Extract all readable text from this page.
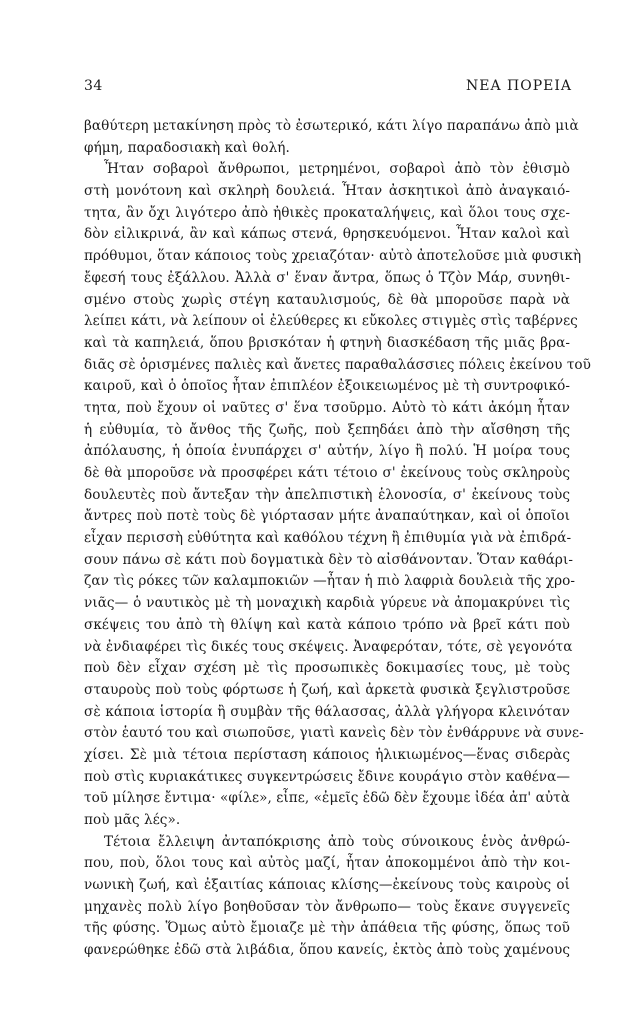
34	ΝΕΑ ΠΟΡΕΙΑ
βαθύτερη μετακίνηση πρὸς τὸ ἐσωτερικό, κάτι λίγο παραπάνω ἀπὸ μιὰ
φήμη, παραδοσιακὴ καὶ θολή.
Ἦταν σοβαροὶ ἄνθρωποι, μετρημένοι, σοβαροὶ ἀπὸ τὸν ἐθισμὸ
στὴ μονότονη καὶ σκληρὴ δουλειά. Ἦταν ἀσκητικοὶ ἀπὸ ἀναγκαιό-
τητα, ἂν ὄχι λιγότερο ἀπὸ ἠθικὲς προκαταλήψεις, καὶ ὅλοι τους σχε-
δὸν εἰλικρινά, ἂν καὶ κάπως στενά, θρησκευόμενοι. Ἦταν καλοὶ καὶ
πρόθυμοι, ὅταν κάποιος τοὺς χρειαζόταν· αὐτὸ ἀποτελοῦσε μιὰ φυσικὴ
ἔφεσή τους ἐξάλλου. Ἀλλὰ σ' ἕναν ἄντρα, ὅπως ὁ Τζὸν Μάρ, συνηθι-
σμένο στοὺς χωρὶς στέγη καταυλισμούς, δὲ θὰ μποροῦσε παρὰ νὰ
λείπει κάτι, νὰ λείπουν οἱ ἐλεύθερες κι εὔκολες στιγμὲς στὶς ταβέρνες
καὶ τὰ καπηλειά, ὅπου βρισκόταν ἡ φτηνὴ διασκέδαση τῆς μιᾶς βρα-
διᾶς σὲ ὁρισμένες παλιὲς καὶ ἄνετες παραθαλάσσιες πόλεις ἐκείνου τοῦ
καιροῦ, καὶ ὁ ὁποῖος ἦταν ἐπιπλέον ἐξοικειωμένος μὲ τὴ συντροφικό-
τητα, ποὺ ἔχουν οἱ ναῦτες σ' ἕνα τσοῦρμο. Αὐτὸ τὸ κάτι ἀκόμη ἦταν
ἡ εὐθυμία, τὸ ἄνθος τῆς ζωῆς, ποὺ ξεπηδάει ἀπὸ τὴν αἴσθηση τῆς
ἀπόλαυσης, ἡ ὁποία ἐνυπάρχει σ' αὐτήν, λίγο ἢ πολύ. Ἡ μοίρα τους
δὲ θὰ μποροῦσε νὰ προσφέρει κάτι τέτοιο σ' ἐκείνους τοὺς σκληροὺς
δουλευτὲς ποὺ ἄντεξαν τὴν ἀπελπιστικὴ ἑλονοσία, σ' ἐκείνους τοὺς
ἄντρες ποὺ ποτὲ τοὺς δὲ γιόρτασαν μήτε ἀναπαύτηκαν, καὶ οἱ ὁποῖοι
εἶχαν περισσὴ εὐθύτητα καὶ καθόλου τέχνη ἢ ἐπιθυμία γιὰ νὰ ἐπιδρά-
σουν πάνω σὲ κάτι ποὺ δογματικὰ δὲν τὸ αἰσθάνονταν. Ὅταν καθάρι-
ζαν τὶς ρόκες τῶν καλαμποκιῶν —ἦταν ἡ πιὸ λαφριὰ δουλειὰ τῆς χρο-
νιᾶς— ὁ ναυτικὸς μὲ τὴ μοναχικὴ καρδιὰ γύρευε νὰ ἀπομακρύνει τὶς
σκέψεις του ἀπὸ τὴ θλίψη καὶ κατὰ κάποιο τρόπο νὰ βρεῖ κάτι ποὺ
νὰ ἐνδιαφέρει τὶς δικές τους σκέψεις. Ἀναφερόταν, τότε, σὲ γεγονότα
ποὺ δὲν εἶχαν σχέση μὲ τὶς προσωπικὲς δοκιμασίες τους, μὲ τοὺς
σταυροὺς ποὺ τοὺς φόρτωσε ἡ ζωή, καὶ ἀρκετὰ φυσικὰ ξεγλιστροῦσε
σὲ κάποια ἱστορία ἢ συμβὰν τῆς θάλασσας, ἀλλὰ γλήγορα κλεινόταν
στὸν ἑαυτό του καὶ σιωποῦσε, γιατὶ κανεὶς δὲν τὸν ἐνθάρρυνε νὰ συνε-
χίσει. Σὲ μιὰ τέτοια περίσταση κάποιος ἡλικιωμένος—ἕνας σιδερὰς
ποὺ στὶς κυριακάτικες συγκεντρώσεις ἔδινε κουράγιο στὸν καθένα—
τοῦ μίλησε ἔντιμα· «φίλε», εἶπε, «ἐμεῖς ἐδῶ δὲν ἔχουμε ἰδέα ἀπ' αὐτὰ
ποὺ μᾶς λές».
Τέτοια ἔλλειψη ἀνταπόκρισης ἀπὸ τοὺς σύνοικους ἑνὸς ἀνθρώ-
που, ποὺ, ὅλοι τους καὶ αὐτὸς μαζί, ἦταν ἀποκομμένοι ἀπὸ τὴν κοι-
νωνικὴ ζωή, καὶ ἐξαιτίας κάποιας κλίσης—ἐκείνους τοὺς καιροὺς οἱ
μηχανὲς πολὺ λίγο βοηθοῦσαν τὸν ἄνθρωπο— τοὺς ἔκανε συγγενεῖς
τῆς φύσης. Ὅμως αὐτὸ ἔμοιαζε μὲ τὴν ἀπάθεια τῆς φύσης, ὅπως τοῦ
φανερώθηκε ἐδῶ στὰ λιβάδια, ὅπου κανείς, ἐκτὸς ἀπὸ τοὺς χαμένους
